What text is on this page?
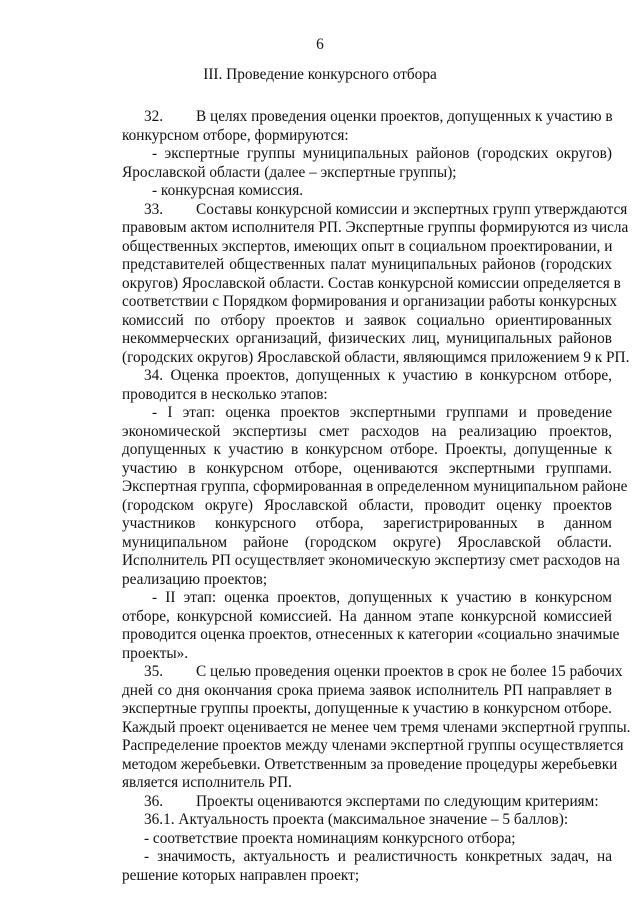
6
III. Проведение конкурсного отбора
32. В целях проведения оценки проектов, допущенных к участию в
конкурсном отборе, формируются:
- экспертные группы муниципальных районов (городских округов)
Ярославской области (далее – экспертные группы);
- конкурсная комиссия.
33. Составы конкурсной комиссии и экспертных групп утверждаются
правовым актом исполнителя РП. Экспертные группы формируются из числа
общественных экспертов, имеющих опыт в социальном проектировании, и
представителей общественных палат муниципальных районов (городских
округов) Ярославской области. Состав конкурсной комиссии определяется в
соответствии с Порядком формирования и организации работы конкурсных
комиссий по отбору проектов и заявок социально ориентированных
некоммерческих организаций, физических лиц, муниципальных районов
(городских округов) Ярославской области, являющимся приложением 9 к РП.
34. Оценка проектов, допущенных к участию в конкурсном отборе,
проводится в несколько этапов:
- I этап: оценка проектов экспертными группами и проведение
экономической экспертизы смет расходов на реализацию проектов,
допущенных к участию в конкурсном отборе. Проекты, допущенные к
участию в конкурсном отборе, оцениваются экспертными группами.
Экспертная группа, сформированная в определенном муниципальном районе
(городском округе) Ярославской области, проводит оценку проектов
участников конкурсного отбора, зарегистрированных в данном
муниципальном районе (городском округе) Ярославской области.
Исполнитель РП осуществляет экономическую экспертизу смет расходов на
реализацию проектов;
- II этап: оценка проектов, допущенных к участию в конкурсном
отборе, конкурсной комиссией. На данном этапе конкурсной комиссией
проводится оценка проектов, отнесенных к категории «социально значимые
проекты».
35. С целью проведения оценки проектов в срок не более 15 рабочих
дней со дня окончания срока приема заявок исполнитель РП направляет в
экспертные группы проекты, допущенные к участию в конкурсном отборе.
Каждый проект оценивается не менее чем тремя членами экспертной группы.
Распределение проектов между членами экспертной группы осуществляется
методом жеребьевки. Ответственным за проведение процедуры жеребьевки
является исполнитель РП.
36. Проекты оцениваются экспертами по следующим критериям:
36.1. Актуальность проекта (максимальное значение – 5 баллов):
- соответствие проекта номинациям конкурсного отбора;
- значимость, актуальность и реалистичность конкретных задач, на
решение которых направлен проект;
